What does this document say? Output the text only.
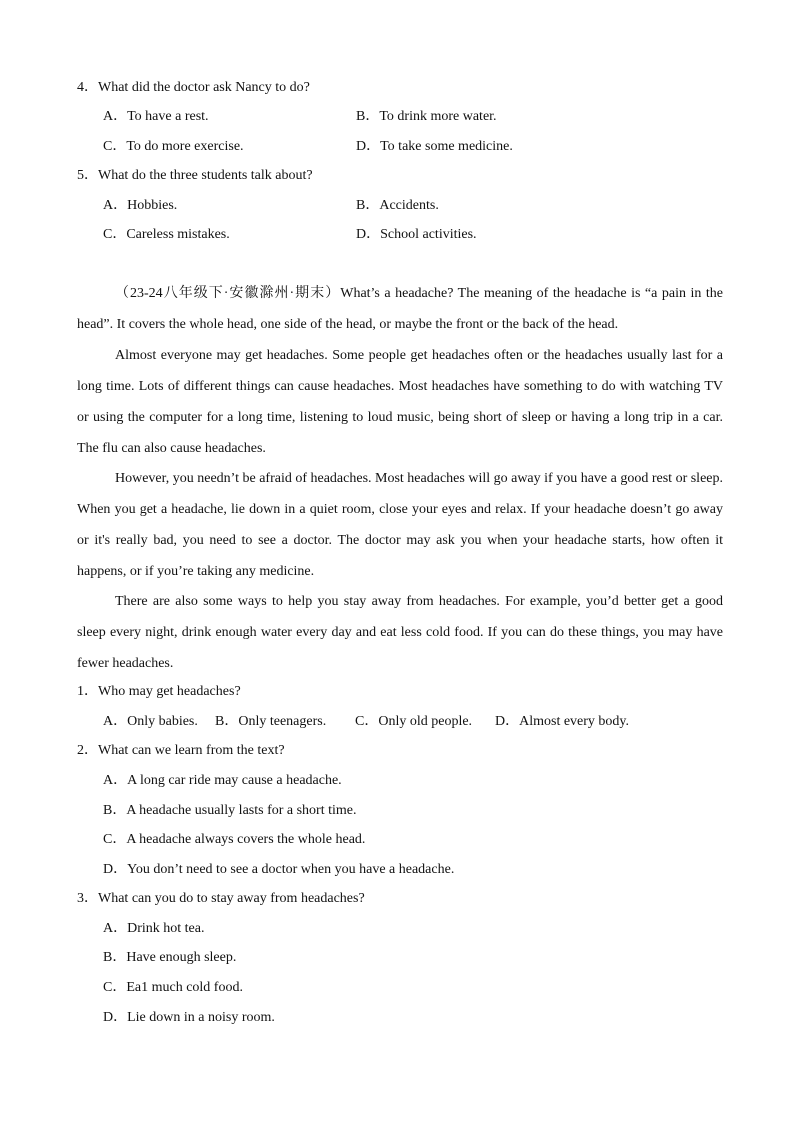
4．What did the doctor ask Nancy to do?
A．To have a rest.	B．To drink more water.
C．To do more exercise.	D．To take some medicine.
5．What do the three students talk about?
A．Hobbies.	B．Accidents.
C．Careless mistakes.	D．School activities.

（23-24八年级下·安徽滁州·期末）What’s a headache? The meaning of the headache is “a pain in the head”. It covers the whole head, one side of the head, or maybe the front or the back of the head.

Almost everyone may get headaches. Some people get headaches often or the headaches usually last for a long time. Lots of different things can cause headaches. Most headaches have something to do with watching TV or using the computer for a long time, listening to loud music, being short of sleep or having a long trip in a car. The flu can also cause headaches.

However, you needn’t be afraid of headaches. Most headaches will go away if you have a good rest or sleep. When you get a headache, lie down in a quiet room, close your eyes and relax. If your headache doesn’t go away or it's really bad, you need to see a doctor. The doctor may ask you when your headache starts, how often it happens, or if you’re taking any medicine.

There are also some ways to help you stay away from headaches. For example, you’d better get a good sleep every night, drink enough water every day and eat less cold food. If you can do these things, you may have fewer headaches.

1．Who may get headaches?
A．Only babies. B．Only teenagers. C．Only old people. D．Almost every body.
2．What can we learn from the text?
A．A long car ride may cause a headache.
B．A headache usually lasts for a short time.
C．A headache always covers the whole head.
D．You don’t need to see a doctor when you have a headache.
3．What can you do to stay away from headaches?
A．Drink hot tea.
B．Have enough sleep.
C．Ea1 much cold food.
D．Lie down in a noisy room.
